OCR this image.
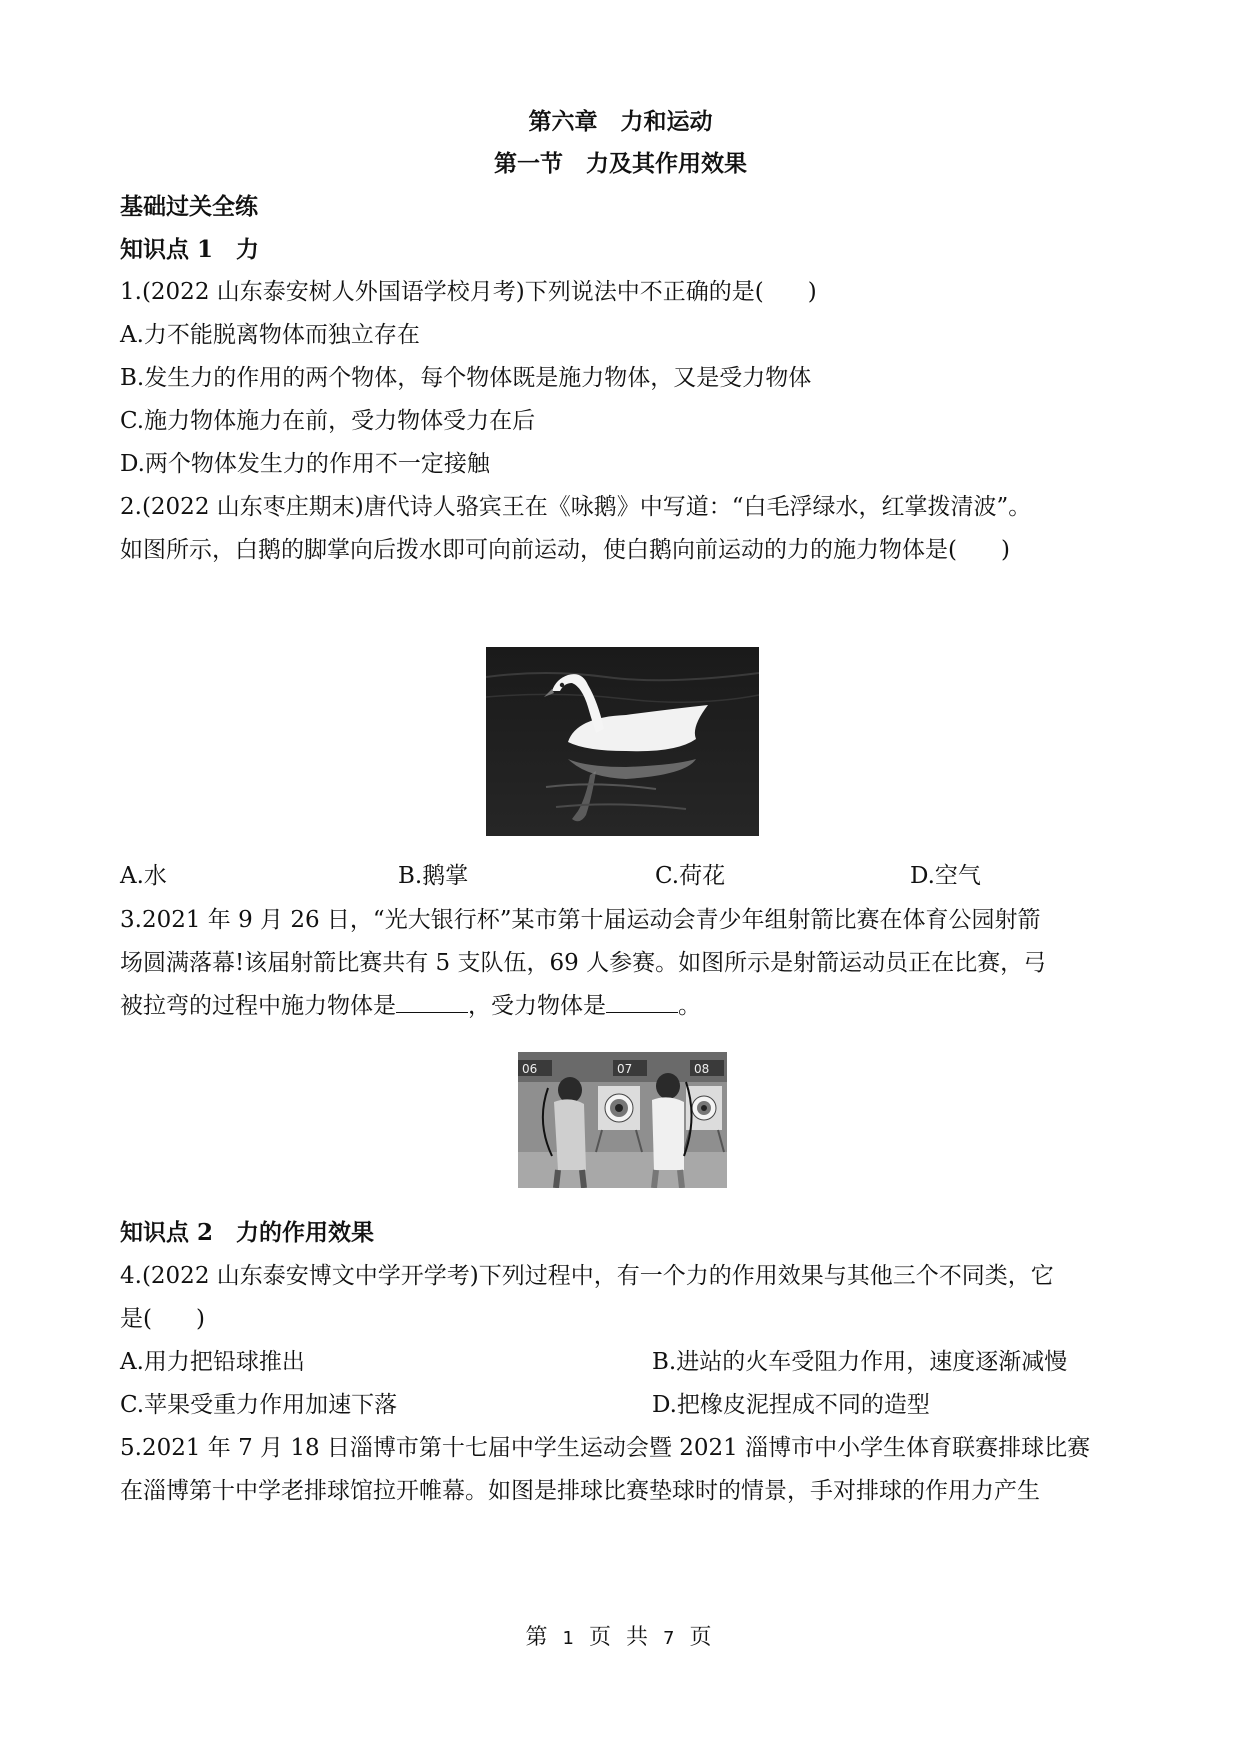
第六章　力和运动
第一节　力及其作用效果
基础过关全练
知识点 1　力
1.(2022 山东泰安树人外国语学校月考)下列说法中不正确的是( )
A.力不能脱离物体而独立存在
B.发生力的作用的两个物体，每个物体既是施力物体，又是受力物体
C.施力物体施力在前，受力物体受力在后
D.两个物体发生力的作用不一定接触
2.(2022 山东枣庄期末)唐代诗人骆宾王在《咏鹅》中写道：“白毛浮绿水，红掌拨清波”。
如图所示，白鹅的脚掌向后拨水即可向前运动，使白鹅向前运动的力的施力物体是( )
A.水	B.鹅掌	C.荷花	D.空气
3.2021 年 9 月 26 日，“光大银行杯”某市第十届运动会青少年组射箭比赛在体育公园射箭
场圆满落幕!该届射箭比赛共有 5 支队伍，69 人参赛。如图所示是射箭运动员正在比赛，弓
被拉弯的过程中施力物体是	，受力物体是	。
06	07	08
知识点 2　力的作用效果
4.(2022 山东泰安博文中学开学考)下列过程中，有一个力的作用效果与其他三个不同类，它
是( )
A.用力把铅球推出	B.进站的火车受阻力作用，速度逐渐减慢
C.苹果受重力作用加速下落	D.把橡皮泥捏成不同的造型
5.2021 年 7 月 18 日淄博市第十七届中学生运动会暨 2021 淄博市中小学生体育联赛排球比赛
在淄博第十中学老排球馆拉开帷幕。如图是排球比赛垫球时的情景，手对排球的作用力产生
第 1 页 共 7 页
